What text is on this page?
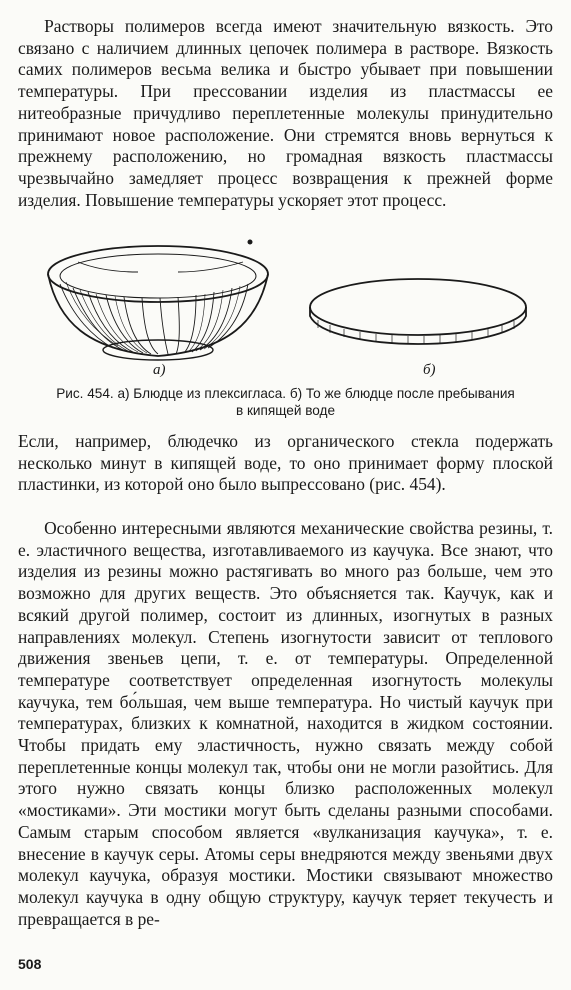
Растворы полимеров всегда имеют значительную вязкость. Это связано с наличием длинных цепочек полимера в растворе. Вязкость самих полимеров весьма велика и быстро убывает при повышении температуры. При прессовании изделия из пластмассы ее нитеобразные причудливо переплетенные молекулы принудительно принимают новое расположение. Они стремятся вновь вернуться к прежнему расположению, но громадная вязкость пластмассы чрезвычайно замедляет процесс возвращения к прежней форме изделия. Повышение температуры ускоряет этот процесс.

а)	б)
Рис. 454. а) Блюдце из плексигласа. б) То же блюдце после пребывания
в кипящей воде

Если, например, блюдечко из органического стекла подержать несколько минут в кипящей воде, то оно принимает форму плоской пластинки, из которой оно было выпрессовано (рис. 454).

Особенно интересными являются механические свойства резины, т. е. эластичного вещества, изготавливаемого из каучука. Все знают, что изделия из резины можно растягивать во много раз больше, чем это возможно для других веществ. Это объясняется так. Каучук, как и всякий другой полимер, состоит из длинных, изогнутых в разных направлениях молекул. Степень изогнутости зависит от теплового движения звеньев цепи, т. е. от температуры. Определенной температуре соответствует определенная изогнутость молекулы каучука, тем бо́льшая, чем выше температура. Но чистый каучук при температурах, близких к комнатной, находится в жидком состоянии. Чтобы придать ему эластичность, нужно связать между собой переплетенные концы молекул так, чтобы они не могли разойтись. Для этого нужно связать концы близко расположенных молекул «мостиками». Эти мостики могут быть сделаны разными способами. Самым старым способом является «вулканизация каучука», т. е. внесение в каучук серы. Атомы серы внедряются между звеньями двух молекул каучука, образуя мостики. Мостики связывают множество молекул каучука в одну общую структуру, каучук теряет текучесть и превращается в ре-

508
